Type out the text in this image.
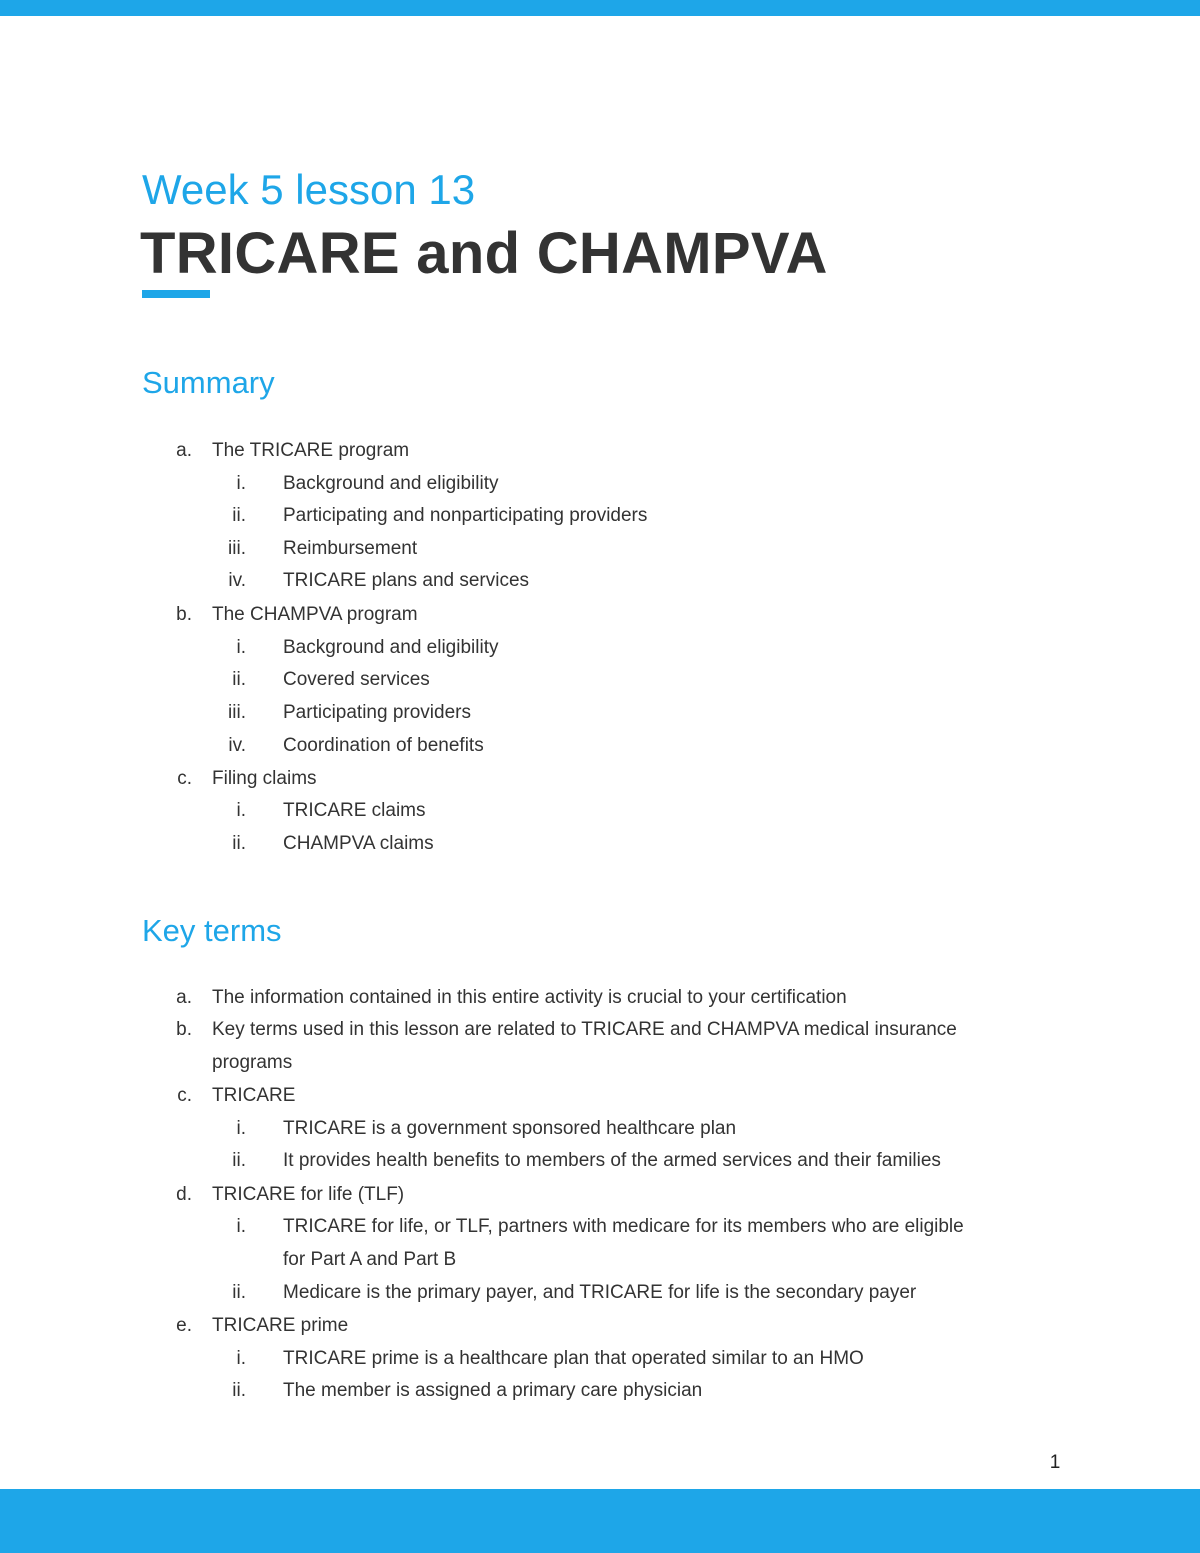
Week 5 lesson 13
TRICARE and CHAMPVA
Summary
a. The TRICARE program
i. Background and eligibility
ii. Participating and nonparticipating providers
iii. Reimbursement
iv. TRICARE plans and services
b. The CHAMPVA program
i. Background and eligibility
ii. Covered services
iii. Participating providers
iv. Coordination of benefits
c. Filing claims
i. TRICARE claims
ii. CHAMPVA claims
Key terms
a. The information contained in this entire activity is crucial to your certification
b. Key terms used in this lesson are related to TRICARE and CHAMPVA medical insurance
programs
c. TRICARE
i. TRICARE is a government sponsored healthcare plan
ii. It provides health benefits to members of the armed services and their families
d. TRICARE for life (TLF)
i. TRICARE for life, or TLF, partners with medicare for its members who are eligible
for Part A and Part B
ii. Medicare is the primary payer, and TRICARE for life is the secondary payer
e. TRICARE prime
i. TRICARE prime is a healthcare plan that operated similar to an HMO
ii. The member is assigned a primary care physician
1
